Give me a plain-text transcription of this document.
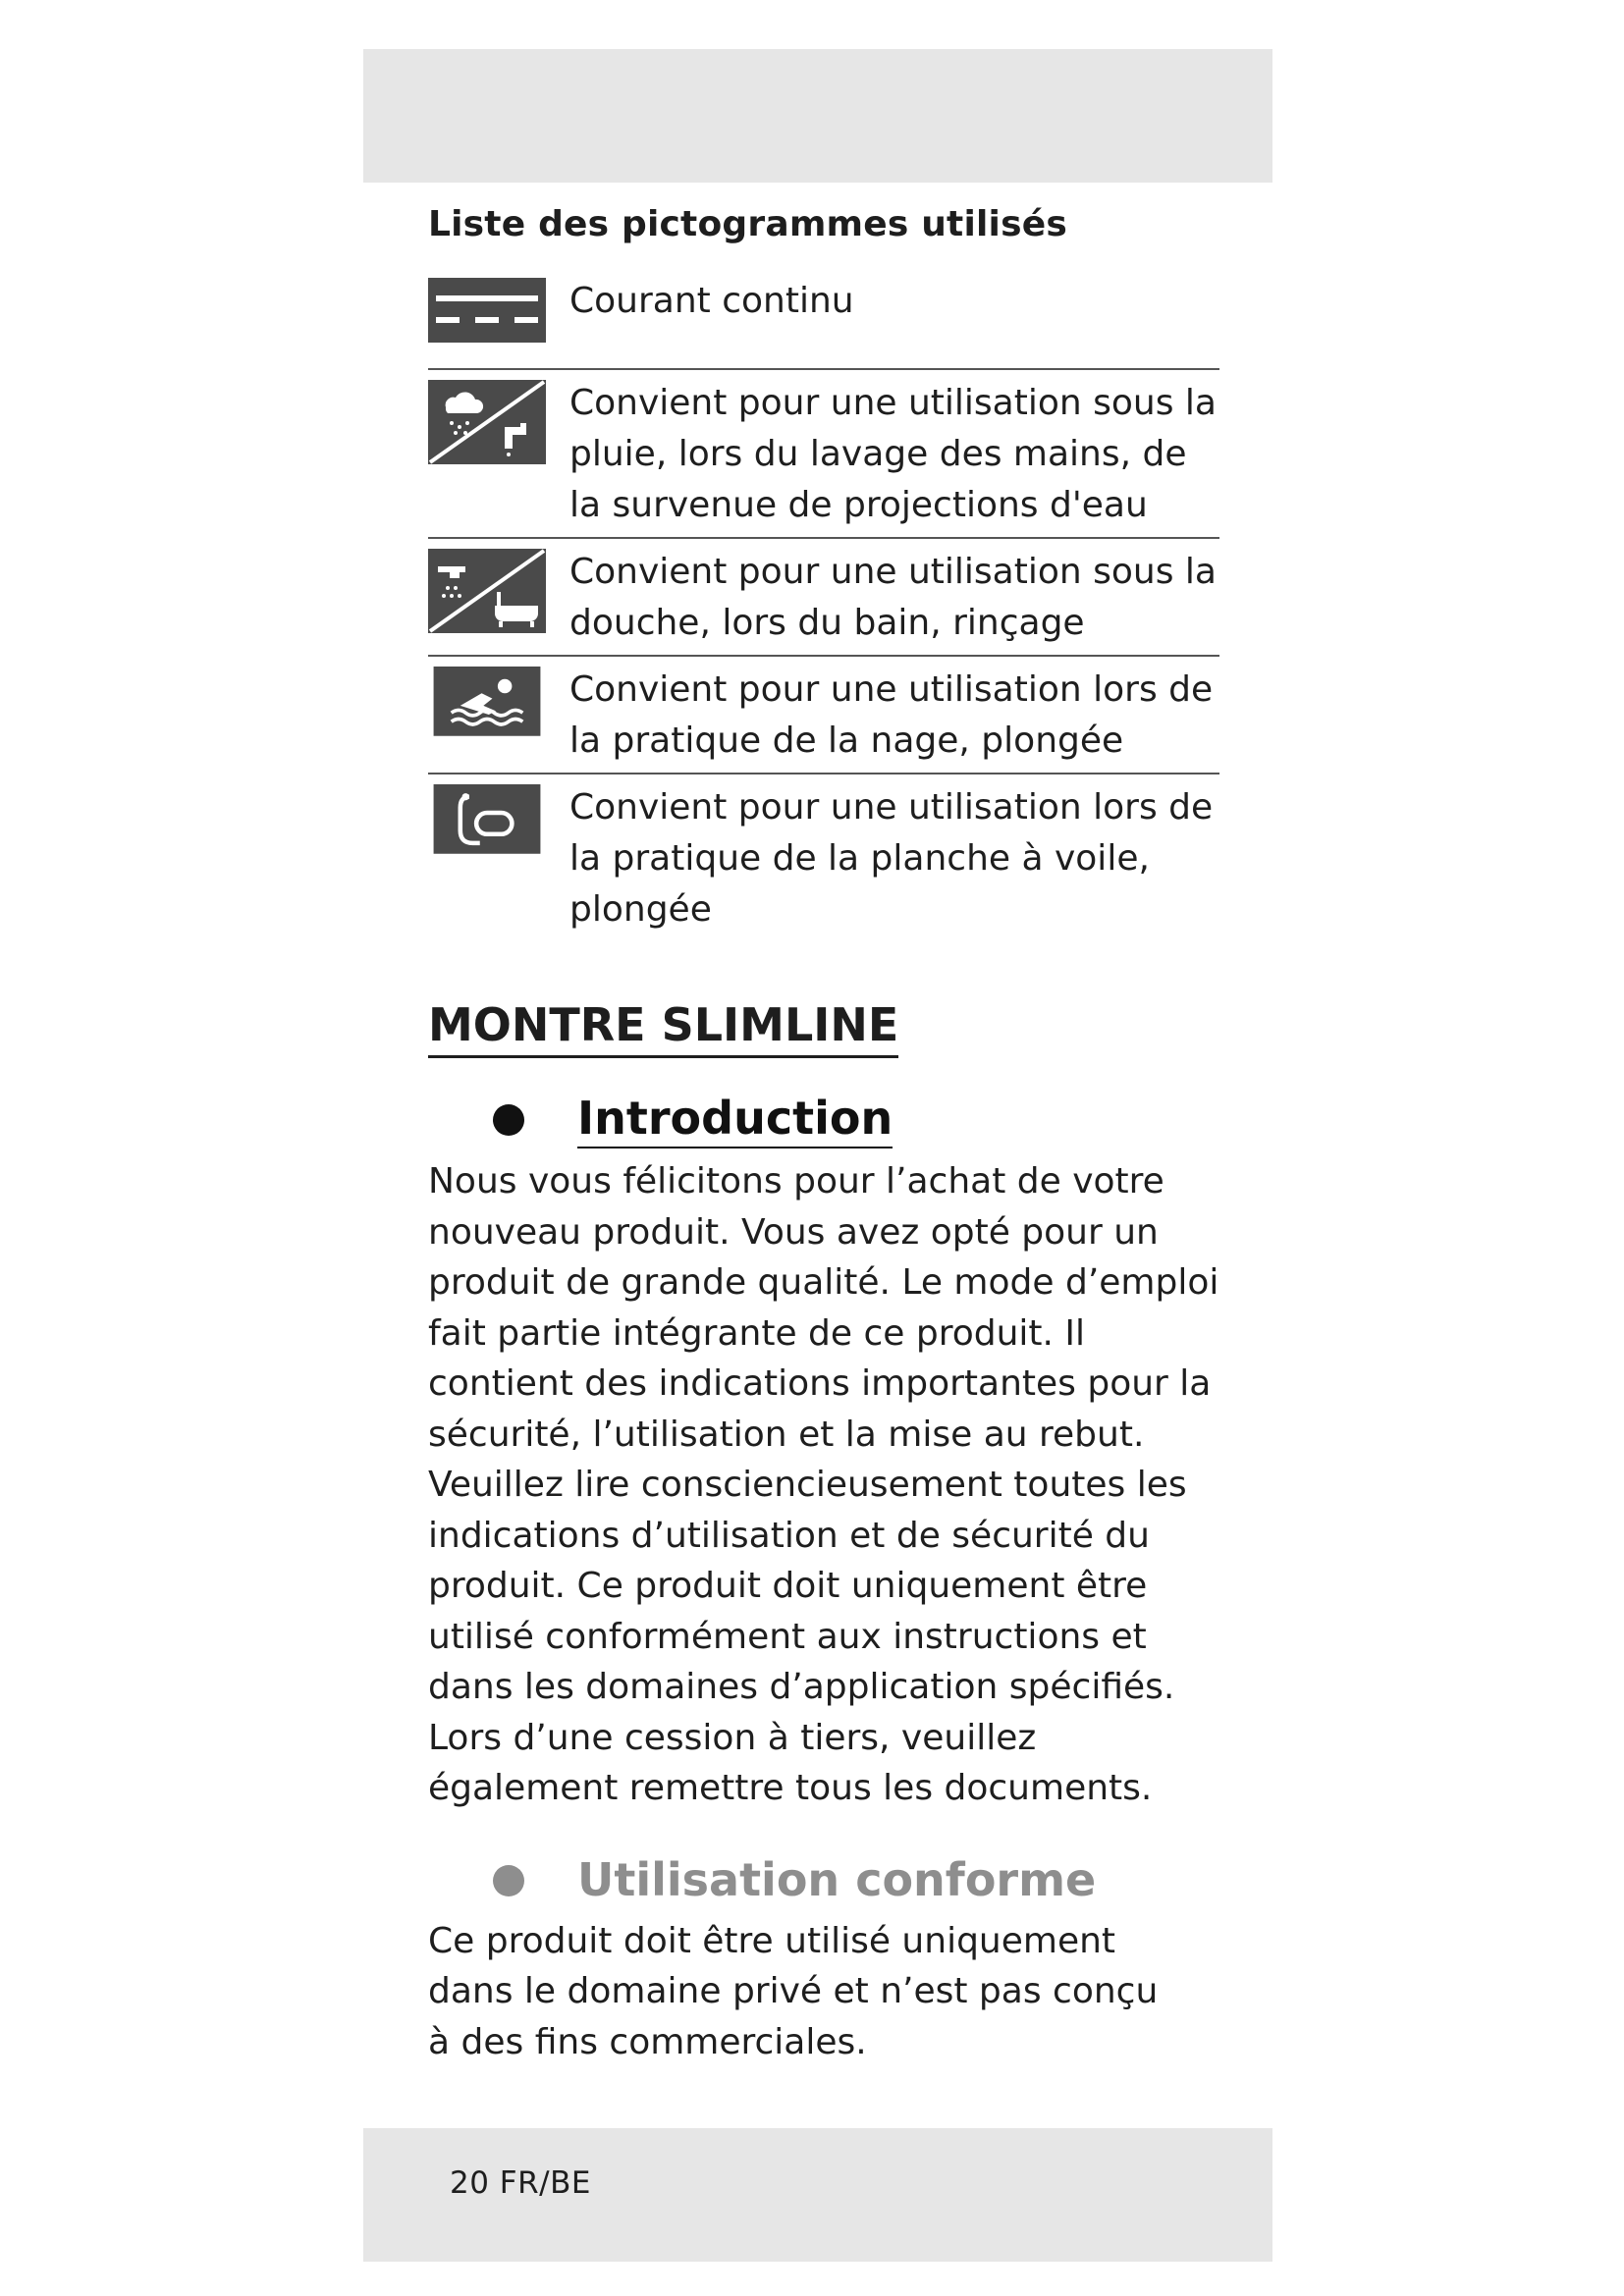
Liste des pictogrammes utilisés
Courant continu
Convient pour une utilisation sous la pluie, lors du lavage des mains, de la survenue de projections d'eau
Convient pour une utilisation sous la douche, lors du bain, rinçage
Convient pour une utilisation lors de la pratique de la nage, plongée
Convient pour une utilisation lors de la pratique de la planche à voile, plongée
MONTRE SLIMLINE
Introduction

Nous vous félicitons pour l’achat de votre nouveau produit. Vous avez opté pour un produit de grande qualité. Le mode d’emploi fait partie intégrante de ce produit. Il contient des indications importantes pour la sécurité, l’utilisation et la mise au rebut. Veuillez lire consciencieusement toutes les indications d’utilisation et de sécurité du produit. Ce produit doit uniquement être utilisé conformément aux instructions et dans les domaines d’application spécifiés. Lors d’une cession à tiers, veuillez également remettre tous les documents.

Utilisation conforme

Ce produit doit être utilisé uniquement dans le domaine privé et n’est pas conçu à des fins commerciales.

20 FR/BE
